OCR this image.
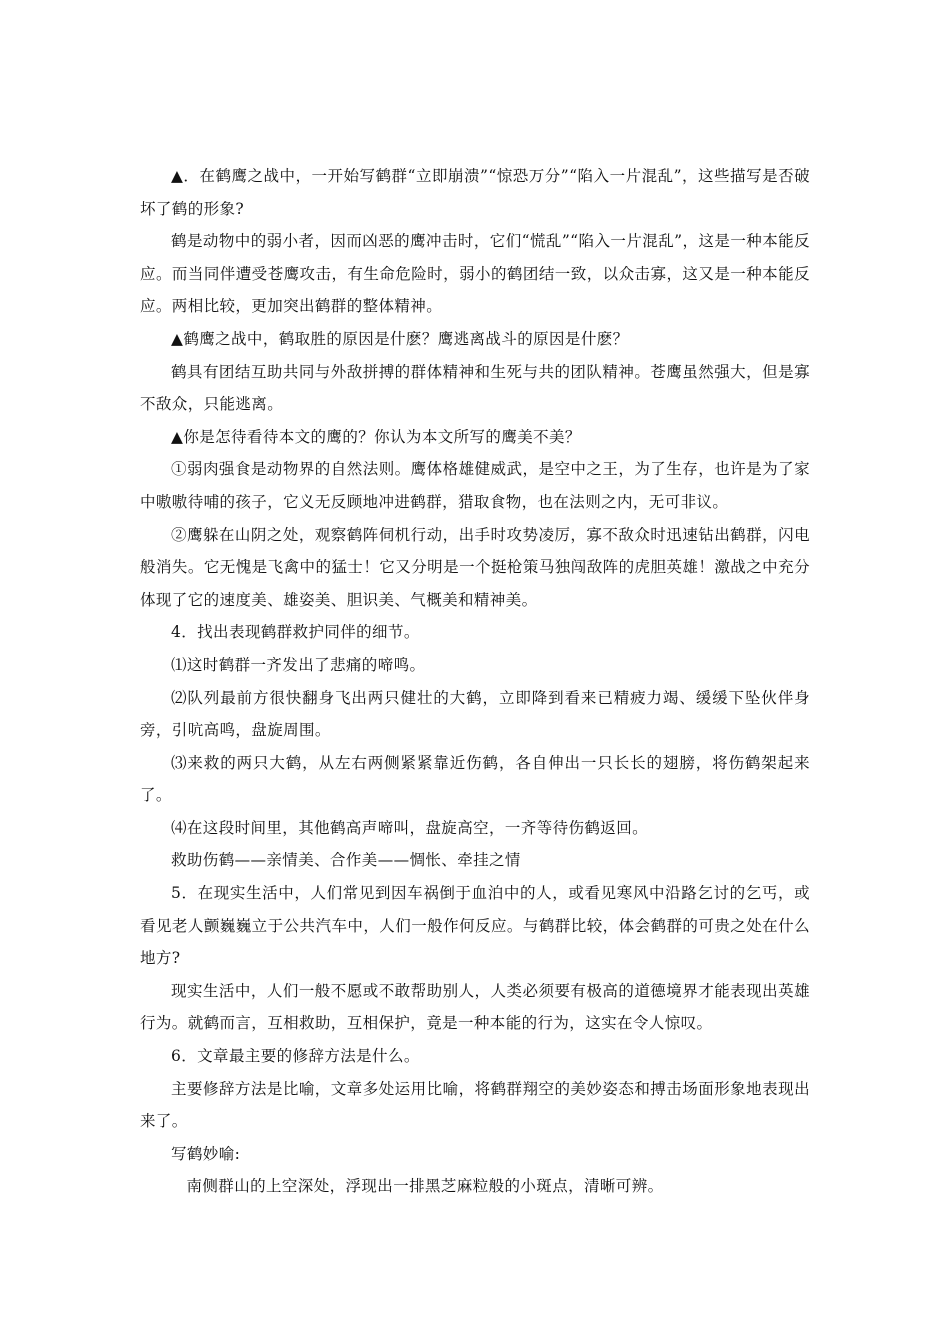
▲．在鹤鹰之战中，一开始写鹤群“立即崩溃”“惊恐万分”“陷入一片混乱”，这些描写是否破坏了鹤的形象?

鹤是动物中的弱小者，因而凶恶的鹰冲击时，它们“慌乱”“陷入一片混乱”，这是一种本能反应。而当同伴遭受苍鹰攻击，有生命危险时，弱小的鹤团结一致，以众击寡，这又是一种本能反应。两相比较，更加突出鹤群的整体精神。

▲鹤鹰之战中，鹤取胜的原因是什麽？鹰逃离战斗的原因是什麽？

鹤具有团结互助共同与外敌拼搏的群体精神和生死与共的团队精神。苍鹰虽然强大，但是寡不敌众，只能逃离。

▲你是怎待看待本文的鹰的？你认为本文所写的鹰美不美？

①弱肉强食是动物界的自然法则。鹰体格雄健威武，是空中之王，为了生存，也许是为了家中嗷嗷待哺的孩子，它义无反顾地冲进鹤群，猎取食物，也在法则之内，无可非议。

②鹰躲在山阴之处，观察鹤阵伺机行动，出手时攻势凌厉，寡不敌众时迅速钻出鹤群，闪电般消失。它无愧是飞禽中的猛士！它又分明是一个挺枪策马独闯敌阵的虎胆英雄！激战之中充分体现了它的速度美、雄姿美、胆识美、气概美和精神美。

4．找出表现鹤群救护同伴的细节。

⑴这时鹤群一齐发出了悲痛的啼鸣。

⑵队列最前方很快翻身飞出两只健壮的大鹤，立即降到看来已精疲力竭、缓缓下坠伙伴身旁，引吭高鸣，盘旋周围。

⑶来救的两只大鹤，从左右两侧紧紧靠近伤鹤，各自伸出一只长长的翅膀，将伤鹤架起来了。

⑷在这段时间里，其他鹤高声啼叫，盘旋高空，一齐等待伤鹤返回。

救助伤鹤——亲情美、合作美——惆怅、牵挂之情

5．在现实生活中，人们常见到因车祸倒于血泊中的人，或看见寒风中沿路乞讨的乞丐，或看见老人颤巍巍立于公共汽车中，人们一般作何反应。与鹤群比较，体会鹤群的可贵之处在什么地方?

现实生活中，人们一般不愿或不敢帮助别人，人类必须要有极高的道德境界才能表现出英雄行为。就鹤而言，互相救助，互相保护，竟是一种本能的行为，这实在令人惊叹。

6．文章最主要的修辞方法是什么。

主要修辞方法是比喻，文章多处运用比喻，将鹤群翔空的美妙姿态和搏击场面形象地表现出来了。

写鹤妙喻:

南侧群山的上空深处，浮现出一排黑芝麻粒般的小斑点，清晰可辨。
